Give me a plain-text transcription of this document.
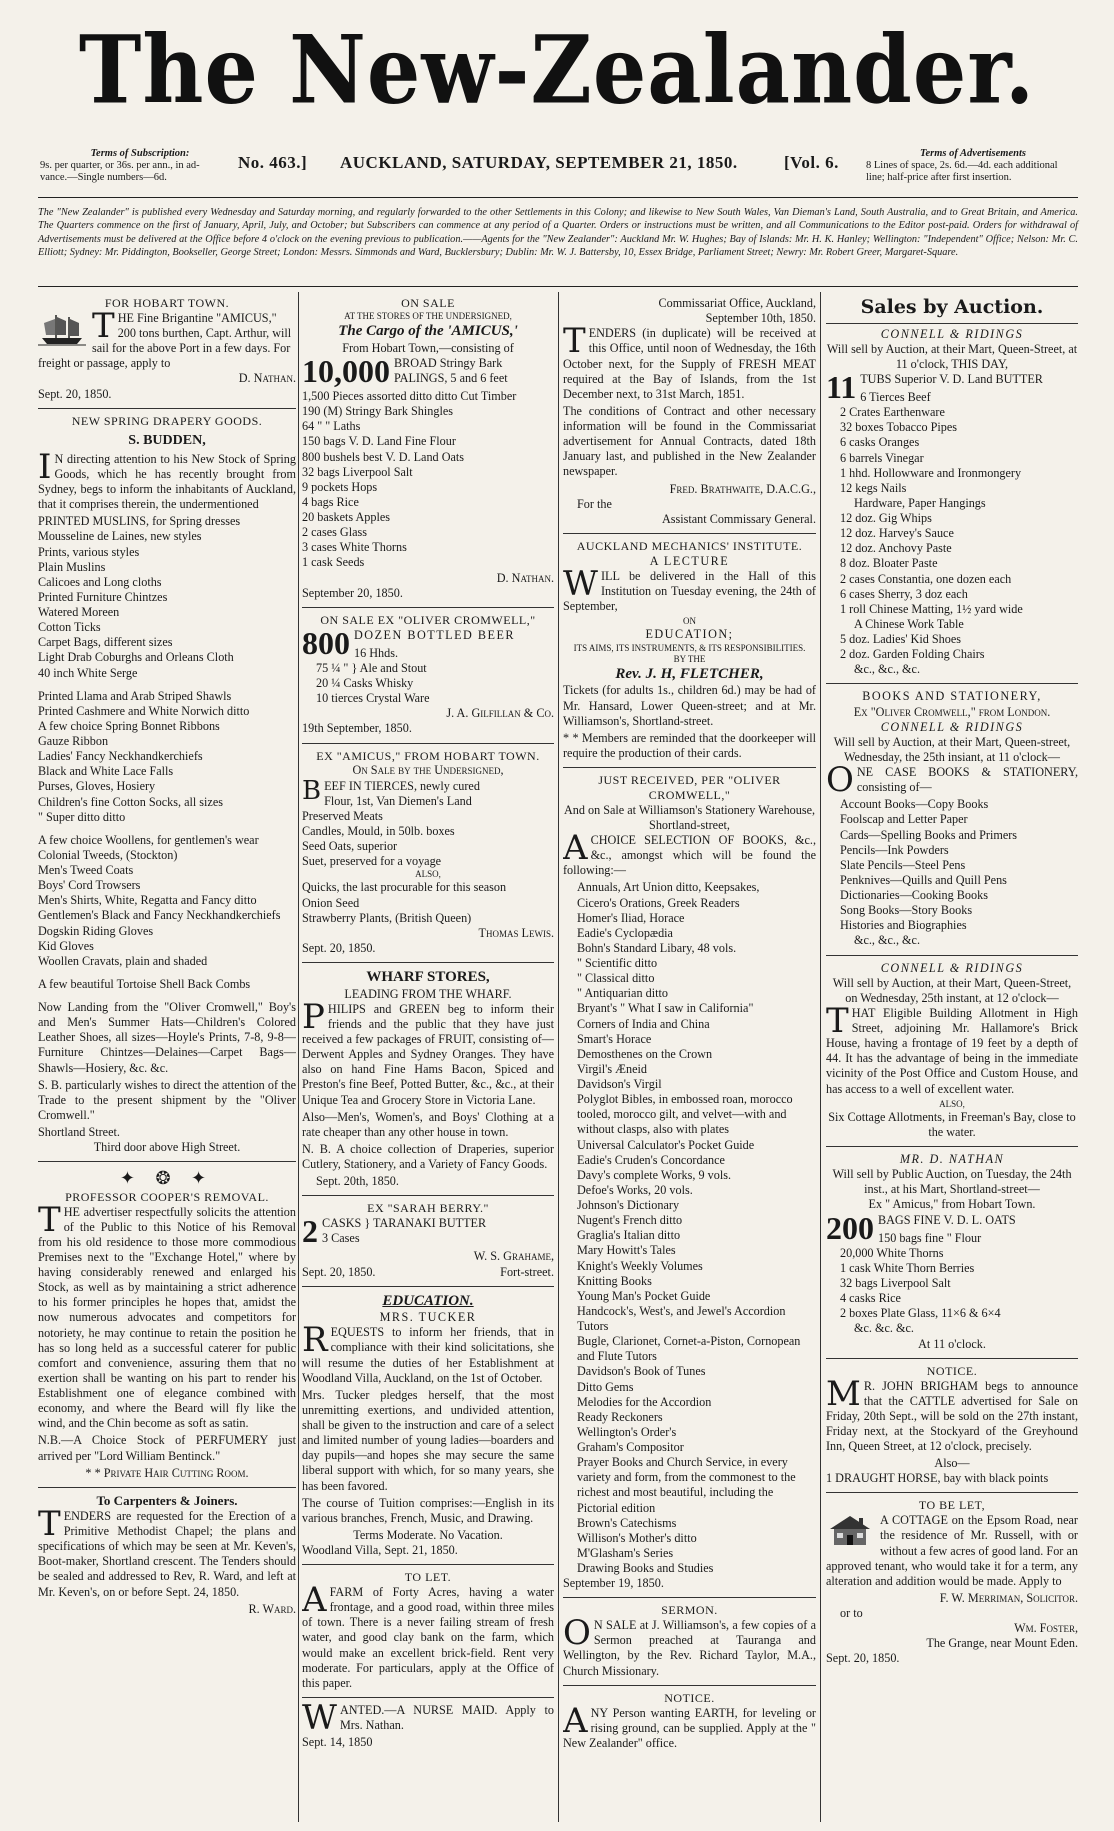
The New-Zealander.
Terms of Subscription:
9s. per quarter, or 36s. per ann., in ad-
vance.—Single numbers—6d.
No. 463.] AUCKLAND, SATURDAY, SEPTEMBER 21, 1850.	[Vol. 6.	Terms of Advertisements
8 Lines of space, 2s. 6d.—4d. each additional
line; half-price after first insertion.
The "New Zealander" is published every Wednesday and Saturday morning, and regularly forwarded to the other Settlements in this Colony; and likewise to New South Wales, Van Dieman's Land, South Australia, and to Great Britain, and America. The Quarters commence on the first of January, April, July, and October; but Subscribers can commence at any period of a Quarter. Orders or instructions must be written, and all Communications to the Editor post-paid. Orders for withdrawal of Advertisements must be delivered at the Office before 4 o'clock on the evening previous to publication.——Agents for the "New Zealander": Auckland Mr. W. Hughes; Bay of Islands: Mr. H. K. Hanley; Wellington: "Independent" Office; Nelson: Mr. C. Elliott; Sydney: Mr. Piddington, Bookseller, George Street; London: Messrs. Simmonds and Ward, Bucklersbury; Dublin: Mr. W. J. Battersby, 10, Essex Bridge, Parliament Street; Newry: Mr. Robert Greer, Margaret-Square.
FOR HOBART TOWN.
THE Fine Brigantine "AMICUS," 200 tons burthen, Capt. Arthur, will sail for the above Port in a few days. For freight or passage, apply to
D. Nathan.
Sept. 20, 1850.
NEW SPRING DRAPERY GOODS.
S. BUDDEN,

I N directing attention to his New Stock of Spring Goods, which he has recently brought from Sydney, begs to inform the inhabitants of Auckland, that it comprises therein, the undermentioned

PRINTED MUSLINS, for Spring dresses
Mousseline de Laines, new styles
Prints, various styles
Plain Muslins
Calicoes and Long cloths
Printed Furniture Chintzes
Watered Moreen
Cotton Ticks
Carpet Bags, different sizes
Light Drab Coburghs and Orleans Cloth
40 inch White Serge
Printed Llama and Arab Striped Shawls
Printed Cashmere and White Norwich ditto
A few choice Spring Bonnet Ribbons
Gauze Ribbon
Ladies' Fancy Neckhandkerchiefs
Black and White Lace Falls
Purses, Gloves, Hosiery
Children's fine Cotton Socks, all sizes
" Super ditto ditto
A few choice Woollens, for gentlemen's wear
Colonial Tweeds, (Stockton)
Men's Tweed Coats
Boys' Cord Trowsers
Men's Shirts, White, Regatta and Fancy ditto
Gentlemen's Black and Fancy Neckhandkerchiefs
Dogskin Riding Gloves
Kid Gloves
Woollen Cravats, plain and shaded

A few beautiful Tortoise Shell Back Combs

Now Landing from the "Oliver Cromwell," Boy's and Men's Summer Hats—Children's Colored Leather Shoes, all sizes—Hoyle's Prints, 7-8, 9-8—Furniture Chintzes—Delaines—Carpet Bags—Shawls—Hosiery, &c. &c.

S. B. particularly wishes to direct the attention of the Trade to the present shipment by the "Oliver Cromwell."

Shortland Street.
Third door above High Street.
✦ ❂ ✦
PROFESSOR COOPER'S REMOVAL.

THE advertiser respectfully solicits the attention of the Public to this Notice of his Removal from his old residence to those more commodious Premises next to the "Exchange Hotel," where by having considerably renewed and enlarged his Stock, as well as by maintaining a strict adherence to his former principles he hopes that, amidst the now numerous advocates and competitors for notoriety, he may continue to retain the position he has so long held as a successful caterer for public comfort and convenience, assuring them that no exertion shall be wanting on his part to render his Establishment one of elegance combined with economy, and where the Beard will fly like the wind, and the Chin become as soft as satin.

N.B.—A Choice Stock of PERFUMERY just arrived per "Lord William Bentinck."

* * Private Hair Cutting Room.
To Carpenters & Joiners.

TENDERS are requested for the Erection of a Primitive Methodist Chapel; the plans and specifications of which may be seen at Mr. Keven's, Boot-maker, Shortland crescent. The Tenders should be sealed and addressed to Rev, R. Ward, and left at Mr. Keven's, on or before Sept. 24, 1850.

R. Ward.
ON SALE
AT THE STORES OF THE UNDERSIGNED,
The Cargo of the 'AMICUS,'
From Hobart Town,—consisting of
10,000 BROAD Stringy Bark PALINGS, 5 and 6 feet
1,500 Pieces assorted ditto ditto Cut Timber
190 (M) Stringy Bark Shingles
64 " " Laths
150 bags V. D. Land Fine Flour
800 bushels best V. D. Land Oats
32 bags Liverpool Salt
9 pockets Hops
4 bags Rice
20 baskets Apples
2 cases Glass
3 cases White Thorns
1 cask Seeds
D. Nathan.
September 20, 1850.
ON SALE EX "OLIVER CROMWELL,"
800 DOZEN BOTTLED BEER
16 Hhds.
75 ¼ " } Ale and Stout
20 ¼ Casks Whisky
10 tierces Crystal Ware
J. A. Gilfillan & Co.
19th September, 1850.
EX "AMICUS," FROM HOBART TOWN.
On Sale by the Undersigned,
BEEF IN TIERCES, newly cured
Flour, 1st, Van Diemen's Land
Preserved Meats
Candles, Mould, in 50lb. boxes
Seed Oats, superior
Suet, preserved for a voyage
ALSO,
Quicks, the last procurable for this season
Onion Seed
Strawberry Plants, (British Queen)
Thomas Lewis.
Sept. 20, 1850.
WHARF STORES,
LEADING FROM THE WHARF.

PHILIPS and GREEN beg to inform their friends and the public that they have just received a few packages of FRUIT, consisting of—Derwent Apples and Sydney Oranges. They have also on hand Fine Hams Bacon, Spiced and Preston's fine Beef, Potted Butter, &c., &c., at their Unique Tea and Grocery Store in Victoria Lane.

Also—Men's, Women's, and Boys' Clothing at a rate cheaper than any other house in town.

N. B. A choice collection of Draperies, superior Cutlery, Stationery, and a Variety of Fancy Goods.

Sept. 20th, 1850.
EX "SARAH BERRY."
2 CASKS } TARANAKI BUTTER
3 Cases
W. S. Grahame,
Sept. 20, 1850.	Fort-street.
EDUCATION.
MRS. TUCKER

REQUESTS to inform her friends, that in compliance with their kind solicitations, she will resume the duties of her Establishment at Woodland Villa, Auckland, on the 1st of October.

Mrs. Tucker pledges herself, that the most unremitting exertions, and undivided attention, shall be given to the instruction and care of a select and limited number of young ladies—boarders and day pupils—and hopes she may secure the same liberal support with which, for so many years, she has been favored.

The course of Tuition comprises:—English in its various branches, French, Music, and Drawing.

Terms Moderate. No Vacation.
Woodland Villa, Sept. 21, 1850.
TO LET.

AFARM of Forty Acres, having a water frontage, and a good road, within three miles of town. There is a never failing stream of fresh water, and good clay bank on the farm, which would make an excellent brick-field. Rent very moderate. For particulars, apply at the Office of this paper.

WANTED.—A NURSE MAID. Apply to Mrs. Nathan.

Sept. 14, 1850
Commissariat Office, Auckland,
September 10th, 1850.

TENDERS (in duplicate) will be received at this Office, until noon of Wednesday, the 16th October next, for the Supply of FRESH MEAT required at the Bay of Islands, from the 1st December next, to 31st March, 1851.

The conditions of Contract and other necessary information will be found in the Commissariat advertisement for Annual Contracts, dated 18th January last, and published in the New Zealander newspaper.

Fred. Brathwaite, D.A.C.G.,
For the
Assistant Commissary General.
AUCKLAND MECHANICS' INSTITUTE.
A LECTURE

WILL be delivered in the Hall of this Institution on Tuesday evening, the 24th of September,

ON
EDUCATION;
ITS AIMS, ITS INSTRUMENTS, & ITS RESPONSIBILITIES.
BY THE
Rev. J. H, FLETCHER,

Tickets (for adults 1s., children 6d.) may be had of Mr. Hansard, Lower Queen-street; and at Mr. Williamson's, Shortland-street.

* * Members are reminded that the doorkeeper will require the production of their cards.

JUST RECEIVED, PER "OLIVER CROMWELL,"
And on Sale at Williamson's Stationery Warehouse, Shortland-street,

ACHOICE SELECTION OF BOOKS, &c., &c., amongst which will be found the following:—

Annuals, Art Union ditto, Keepsakes,
Cicero's Orations, Greek Readers
Homer's Iliad, Horace
Eadie's Cyclopædia
Bohn's Standard Libary, 48 vols.
" Scientific ditto
" Classical ditto
" Antiquarian ditto
Bryant's " What I saw in California"
Corners of India and China
Smart's Horace
Demosthenes on the Crown
Virgil's Æneid
Davidson's Virgil
Polyglot Bibles, in embossed roan, morocco tooled, morocco gilt, and velvet—with and without clasps, also with plates
Universal Calculator's Pocket Guide
Eadie's Cruden's Concordance
Davy's complete Works, 9 vols.
Defoe's Works, 20 vols.
Johnson's Dictionary
Nugent's French ditto
Graglia's Italian ditto
Mary Howitt's Tales
Knight's Weekly Volumes
Knitting Books
Young Man's Pocket Guide
Handcock's, West's, and Jewel's Accordion Tutors
Bugle, Clarionet, Cornet-a-Piston, Cornopean and Flute Tutors
Davidson's Book of Tunes
Ditto Gems
Melodies for the Accordion
Ready Reckoners
Wellington's Order's
Graham's Compositor
Prayer Books and Church Service, in every variety and form, from the commonest to the richest and most beautiful, including the Pictorial edition
Brown's Catechisms
Willison's Mother's ditto
M'Glasham's Series
Drawing Books and Studies
September 19, 1850.
SERMON.

O N SALE at J. Williamson's, a few copies of a Sermon preached at Tauranga and Wellington, by the Rev. Richard Taylor, M.A., Church Missionary.

NOTICE.

ANY Person wanting EARTH, for leveling or rising ground, can be supplied. Apply at the " New Zealander" office.

Sales by Auction.
CONNELL & RIDINGS
Will sell by Auction, at their Mart, Queen-Street, at 11 o'clock, THIS DAY,
11 TUBS Superior V. D. Land BUTTER
6 Tierces Beef
2 Crates Earthenware
32 boxes Tobacco Pipes
6 casks Oranges
6 barrels Vinegar
1 hhd. Hollowware and Ironmongery
12 kegs Nails
Hardware, Paper Hangings
12 doz. Gig Whips
12 doz. Harvey's Sauce
12 doz. Anchovy Paste
8 doz. Bloater Paste
2 cases Constantia, one dozen each
6 cases Sherry, 3 doz each
1 roll Chinese Matting, 1½ yard wide
A Chinese Work Table
5 doz. Ladies' Kid Shoes
2 doz. Garden Folding Chairs
&c., &c., &c.
BOOKS AND STATIONERY,
Ex "Oliver Cromwell," from London.
CONNELL & RIDINGS
Will sell by Auction, at their Mart, Queen-street, Wednesday, the 25th insiant, at 11 o'clock—

ONE CASE BOOKS & STATIONERY, consisting of—

Account Books—Copy Books
Foolscap and Letter Paper
Cards—Spelling Books and Primers
Pencils—Ink Powders
Slate Pencils—Steel Pens
Penknives—Quills and Quill Pens
Dictionaries—Cooking Books
Song Books—Story Books
Histories and Biographies
&c., &c., &c.
CONNELL & RIDINGS
Will sell by Auction, at their Mart, Queen-Street, on Wednesday, 25th instant, at 12 o'clock—

THAT Eligible Building Allotment in High Street, adjoining Mr. Hallamore's Brick House, having a frontage of 19 feet by a depth of 44. It has the advantage of being in the immediate vicinity of the Post Office and Custom House, and has access to a well of excellent water.

ALSO,
Six Cottage Allotments, in Freeman's Bay, close to the water.
MR. D. NATHAN
Will sell by Public Auction, on Tuesday, the 24th inst., at his Mart, Shortland-street—
Ex " Amicus," from Hobart Town.
200 BAGS FINE V. D. L. OATS
150 bags fine " Flour
20,000 White Thorns
1 cask White Thorn Berries
32 bags Liverpool Salt
4 casks Rice
2 boxes Plate Glass, 11×6 & 6×4
&c. &c. &c.
At 11 o'clock.
NOTICE.

M R. JOHN BRIGHAM begs to announce that the CATTLE advertised for Sale on Friday, 20th Sept., will be sold on the 27th instant, Friday next, at the Stockyard of the Greyhound Inn, Queen Street, at 12 o'clock, precisely.

Also—
1 DRAUGHT HORSE, bay with black points
TO BE LET,

A COTTAGE on the Epsom Road, near the residence of Mr. Russell, with or without a few acres of good land. For an approved tenant, who would take it for a term, any alteration and addition would be made. Apply to

F. W. Merriman, Solicitor.
or to
Wm. Foster,
The Grange, near Mount Eden.
Sept. 20, 1850.
